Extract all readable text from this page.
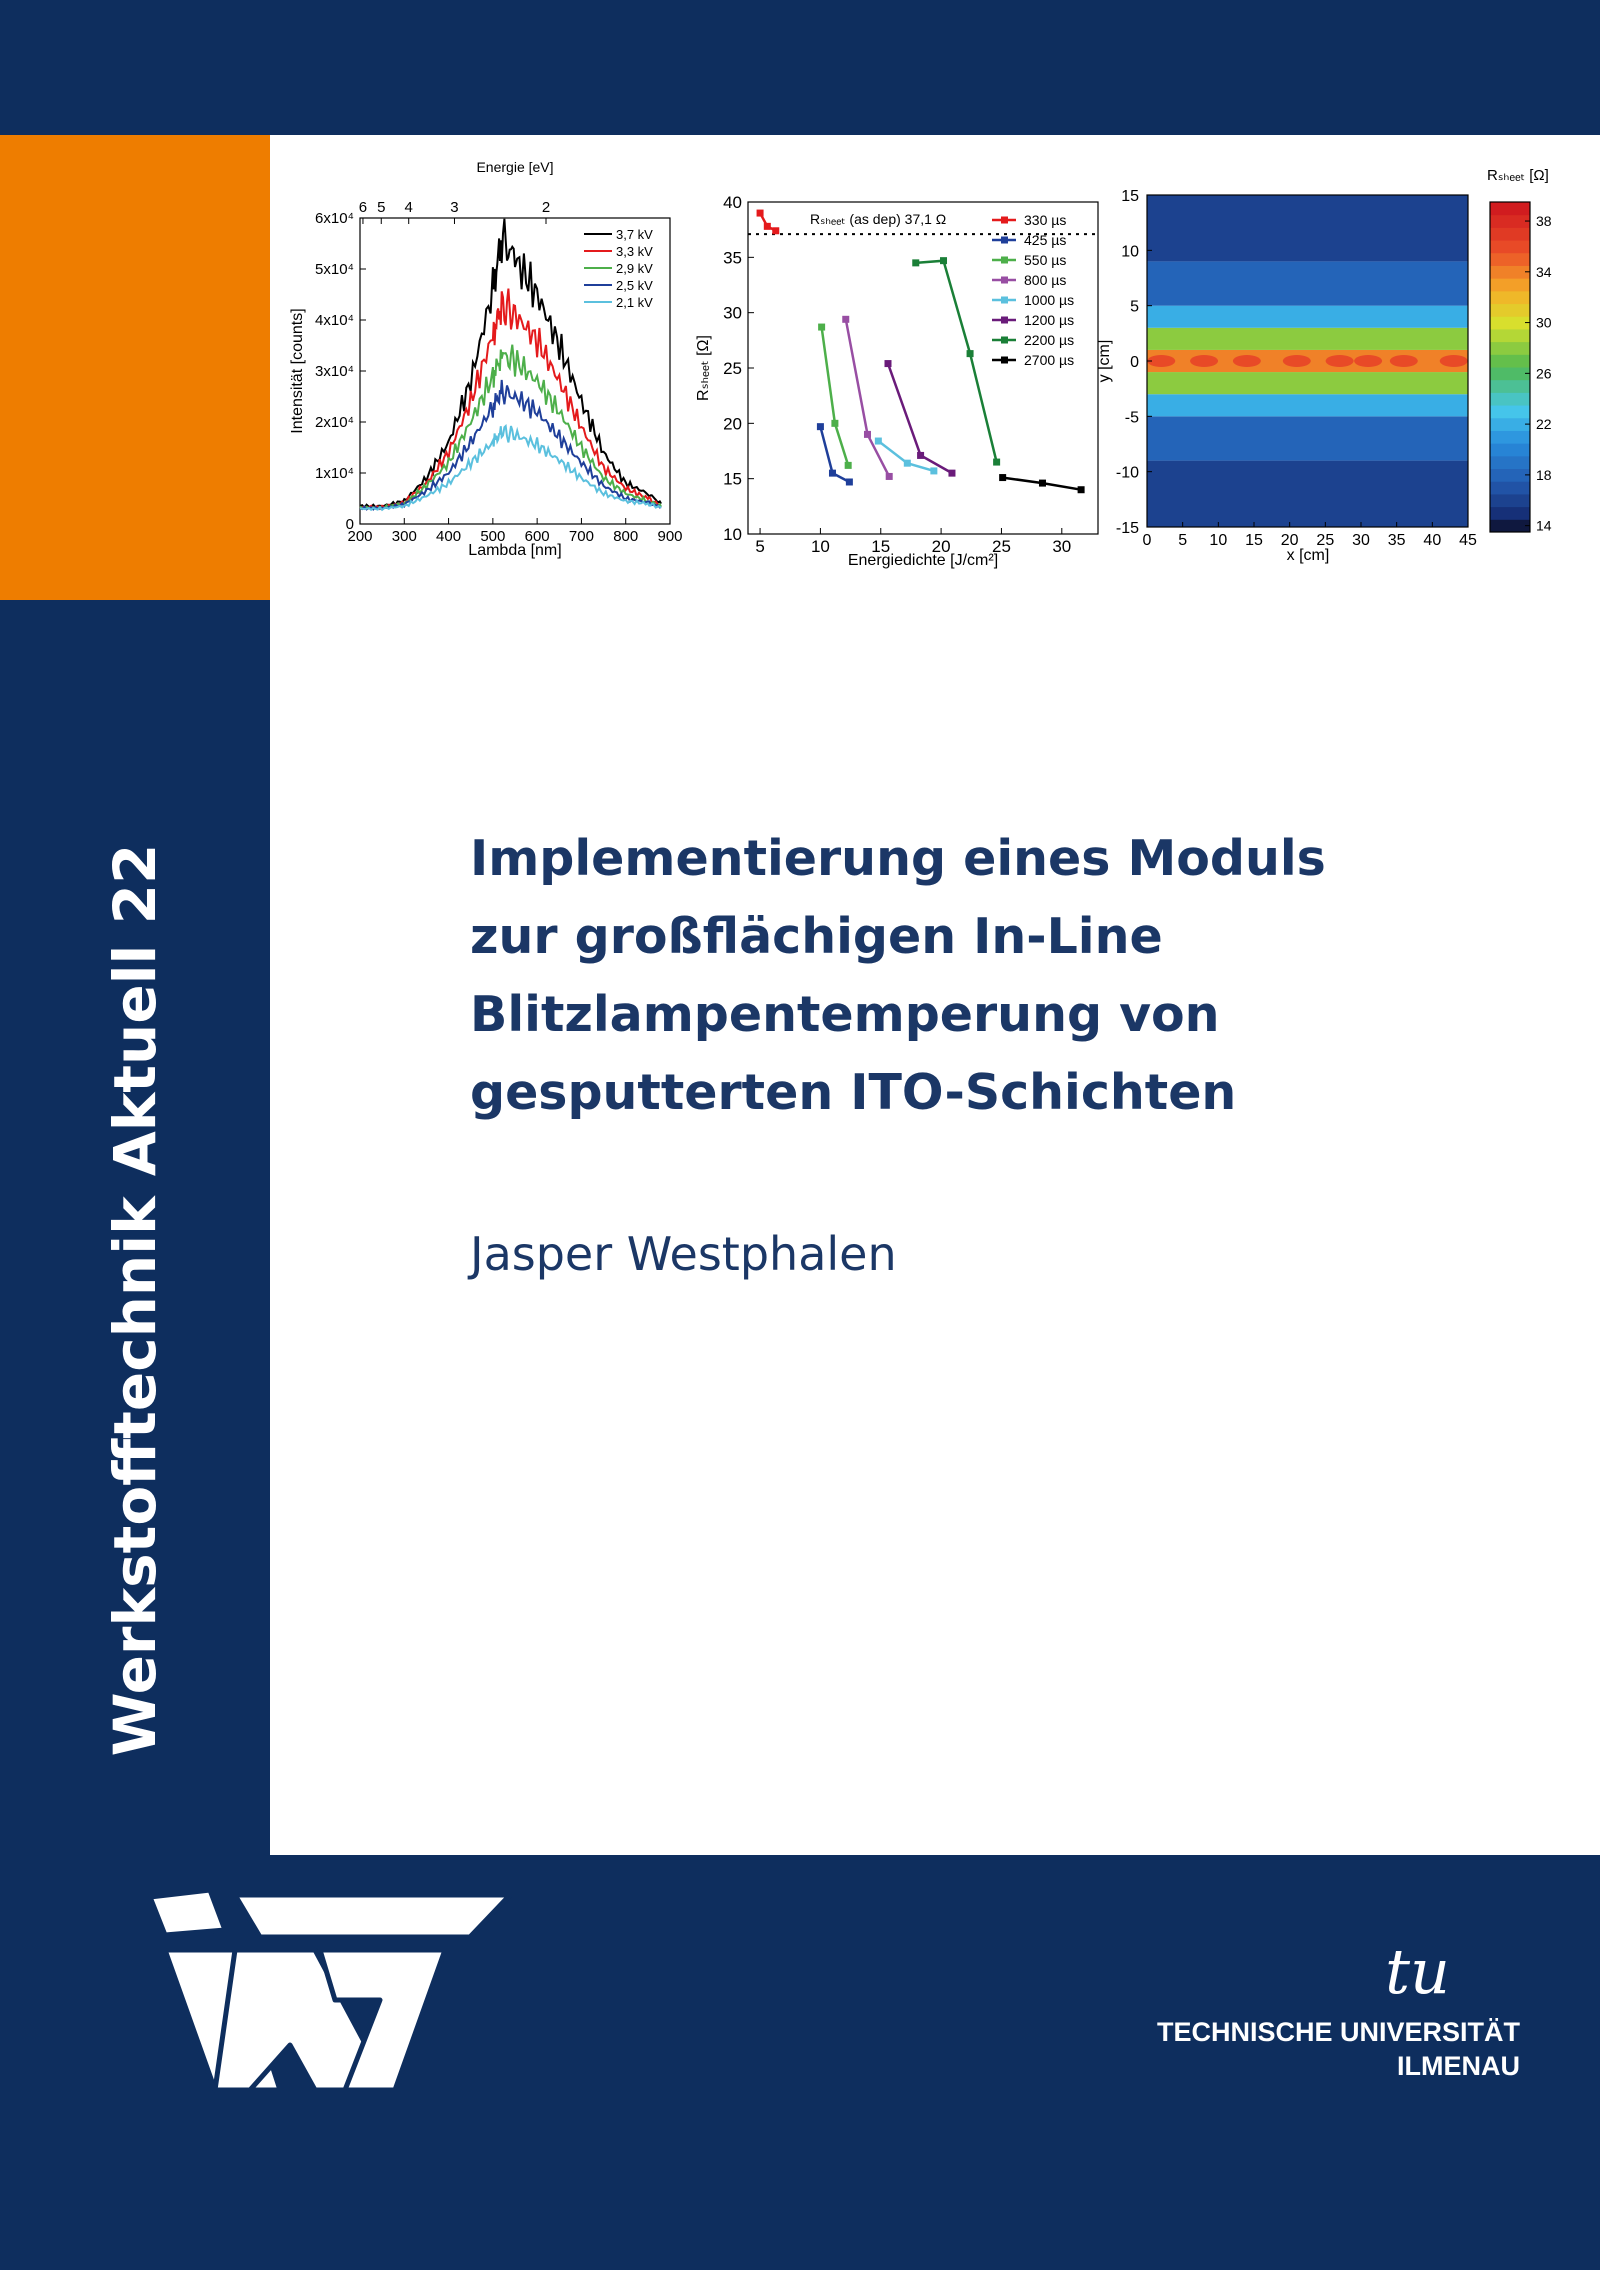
Werkstofftechnik Aktuell 22
200 300 400 500 600 700 800 900
0
1x10⁴
2x10⁴
3x10⁴
4x10⁴
5x10⁴
6x10⁴
6 5 4 3	2
Energie [eV]
Lambda [nm]
Intensität [counts]
3,7 kV
3,3 kV
2,9 kV
2,5 kV
2,1 kV
5	10 15 20 25 30
10
15
20
25
30
35
40
Energiedichte [J/cm²]
Rₛₕₑₑₜ [Ω]
Rₛₕₑₑₜ (as dep) 37,1 Ω	330 µs
425 µs
550 µs
800 µs
1000 µs
1200 µs
2200 µs
2700 µs
0 5 10 15 20 25 30 35 40 45
-15
-10
-5
0
5
10
15
x [cm]
y [cm]
14
18
22
26
30
34
38
Rₛₕₑₑₜ [Ω]
Implementierung eines Moduls
zur großflächigen In-Line
Blitzlampentemperung von
gesputterten ITO-Schichten
Jasper Westphalen
tu
TECHNISCHE UNIVERSITÄT
ILMENAU
